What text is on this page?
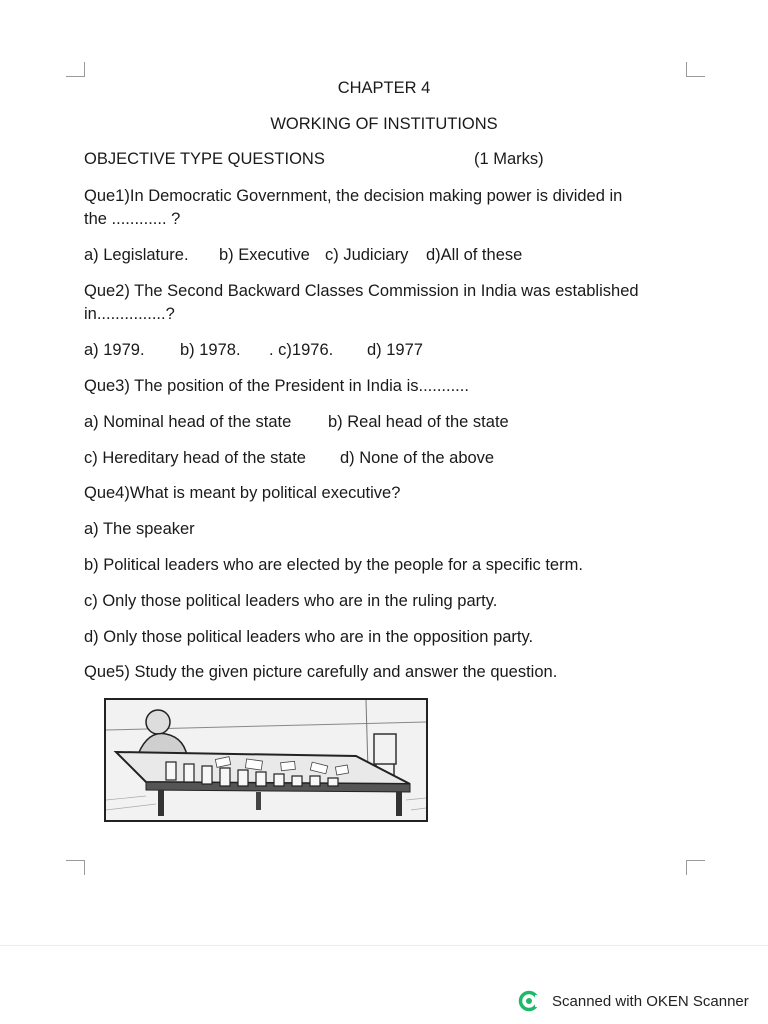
CHAPTER 4
WORKING OF INSTITUTIONS
OBJECTIVE TYPE QUESTIONS	(1 Marks)
Que1)In Democratic Government, the decision making power is divided in
the ............ ?
a) Legislature. b) Executive c) Judiciary d)All of these
Que2) The Second Backward Classes Commission in India was established
in...............?
a) 1979. b) 1978. . c)1976. d) 1977
Que3) The position of the President in India is...........
a) Nominal head of the state b) Real head of the state
c) Hereditary head of the state d) None of the above
Que4)What is meant by political executive?
a) The speaker
b) Political leaders who are elected by the people for a specific term.
c) Only those political leaders who are in the ruling party.
d) Only those political leaders who are in the opposition party.
Que5) Study the given picture carefully and answer the question.
Scanned with OKEN Scanner
